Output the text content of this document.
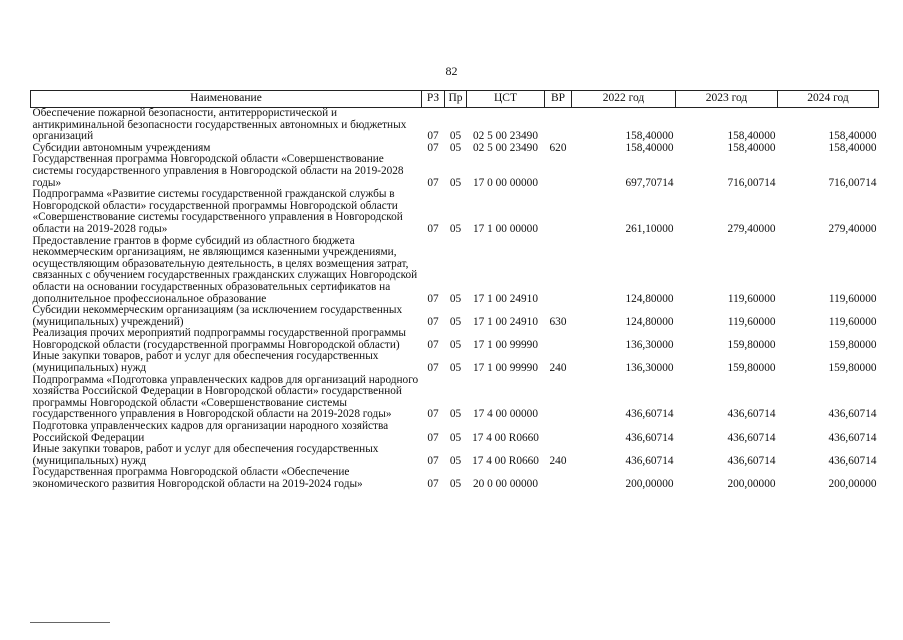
82
Наименование	РЗ	Пр	ЦСТ	ВР	2022 год	2023 год	2024 год
Обеспечение пожарной безопасности, антитеррористической и антикриминальной безопасности государственных автономных и бюджетных организаций	07	05	02 5 00 23490		158,40000	158,40000	158,40000
Субсидии автономным учреждениям	07	05	02 5 00 23490	620	158,40000	158,40000	158,40000
Государственная программа Новгородской области «Совершенствование системы государственного управления в Новгородской области на 2019-2028 годы»	07	05	17 0 00 00000		697,70714	716,00714	716,00714
Подпрограмма «Развитие системы государственной гражданской службы в Новгородской области» государственной программы Новгородской области «Совершенствование системы государственного управления в Новгородской области на 2019-2028 годы»	07	05	17 1 00 00000		261,10000	279,40000	279,40000
Предоставление грантов в форме субсидий из областного бюджета некоммерческим организациям, не являющимся казенными учреждениями, осуществляющим образовательную деятельность, в целях возмещения затрат, связанных с обучением государственных гражданских служащих Новгородской области на основании государственных образовательных сертификатов на дополнительное профессиональное образование	07	05	17 1 00 24910		124,80000	119,60000	119,60000
Субсидии некоммерческим организациям (за исключением государственных (муниципальных) учреждений)	07	05	17 1 00 24910	630	124,80000	119,60000	119,60000
Реализация прочих мероприятий подпрограммы государственной программы Новгородской области (государственной программы Новгородской области)	07	05	17 1 00 99990		136,30000	159,80000	159,80000
Иные закупки товаров, работ и услуг для обеспечения государственных (муниципальных) нужд	07	05	17 1 00 99990	240	136,30000	159,80000	159,80000
Подпрограмма «Подготовка управленческих кадров для организаций народного хозяйства Российской Федерации в Новгородской области» государственной программы Новгородской области «Совершенствование системы государственного управления в Новгородской области на 2019-2028 годы»	07	05	17 4 00 00000		436,60714	436,60714	436,60714
Подготовка управленческих кадров для организации народного хозяйства Российской Федерации	07	05	17 4 00 R0660		436,60714	436,60714	436,60714
Иные закупки товаров, работ и услуг для обеспечения государственных (муниципальных) нужд	07	05	17 4 00 R0660	240	436,60714	436,60714	436,60714
Государственная программа Новгородской области «Обеспечение экономического развития Новгородской области на 2019-2024 годы»	07	05	20 0 00 00000		200,00000	200,00000	200,00000
